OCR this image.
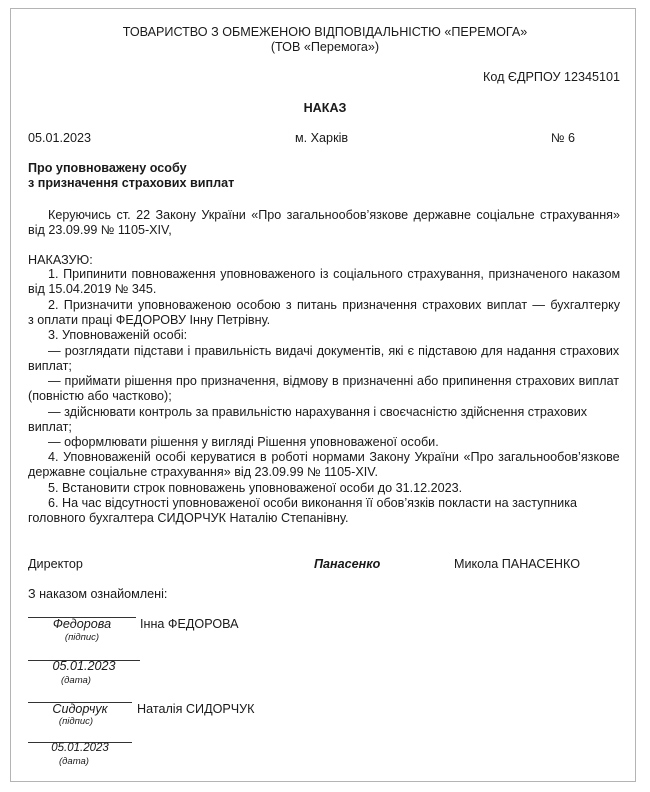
ТОВАРИСТВО З ОБМЕЖЕНОЮ ВІДПОВІДАЛЬНІСТЮ «ПЕРЕМОГА»
(ТОВ «Перемога»)
Код ЄДРПОУ 12345101
НАКАЗ
05.01.2023	м. Харків	№ 6
Про уповноважену особу
з призначення страхових виплат
Керуючись ст. 22 Закону України «Про загальнообов’язкове державне соціальне страхування»
від 23.09.99 № 1105-XIV,
НАКАЗУЮ:
1. Припинити повноваження уповноваженого із соціального страхування, призначеного наказом
від 15.04.2019 № 345.
2. Призначити уповноваженою особою з питань призначення страхових виплат — бухгалтерку
з оплати праці ФЕДОРОВУ Інну Петрівну.
3. Уповноваженій особі:
— розглядати підстави і правильність видачі документів, які є підставою для надання страхових
виплат;
— приймати рішення про призначення, відмову в призначенні або припинення страхових виплат
(повністю або частково);
— здійснювати контроль за правильністю нарахування і своєчасністю здійснення страхових
виплат;
— оформлювати рішення у вигляді Рішення уповноваженої особи.
4. Уповноваженій особі керуватися в роботі нормами Закону України «Про загальнообов’язкове
державне соціальне страхування» від 23.09.99 № 1105-XIV.
5. Встановити строк повноважень уповноваженої особи до 31.12.2023.
6. На час відсутності уповноваженої особи виконання її обов’язків покласти на заступника
головного бухгалтера СИДОРЧУК Наталію Степанівну.
Директор	Панасенко	Микола ПАНАСЕНКО
З наказом ознайомлені:
Федорова	Інна ФЕДОРОВА
(підпис)
05.01.2023
(дата)
Сидорчук	Наталія СИДОРЧУК
(підпис)
05.01.2023
(дата)
